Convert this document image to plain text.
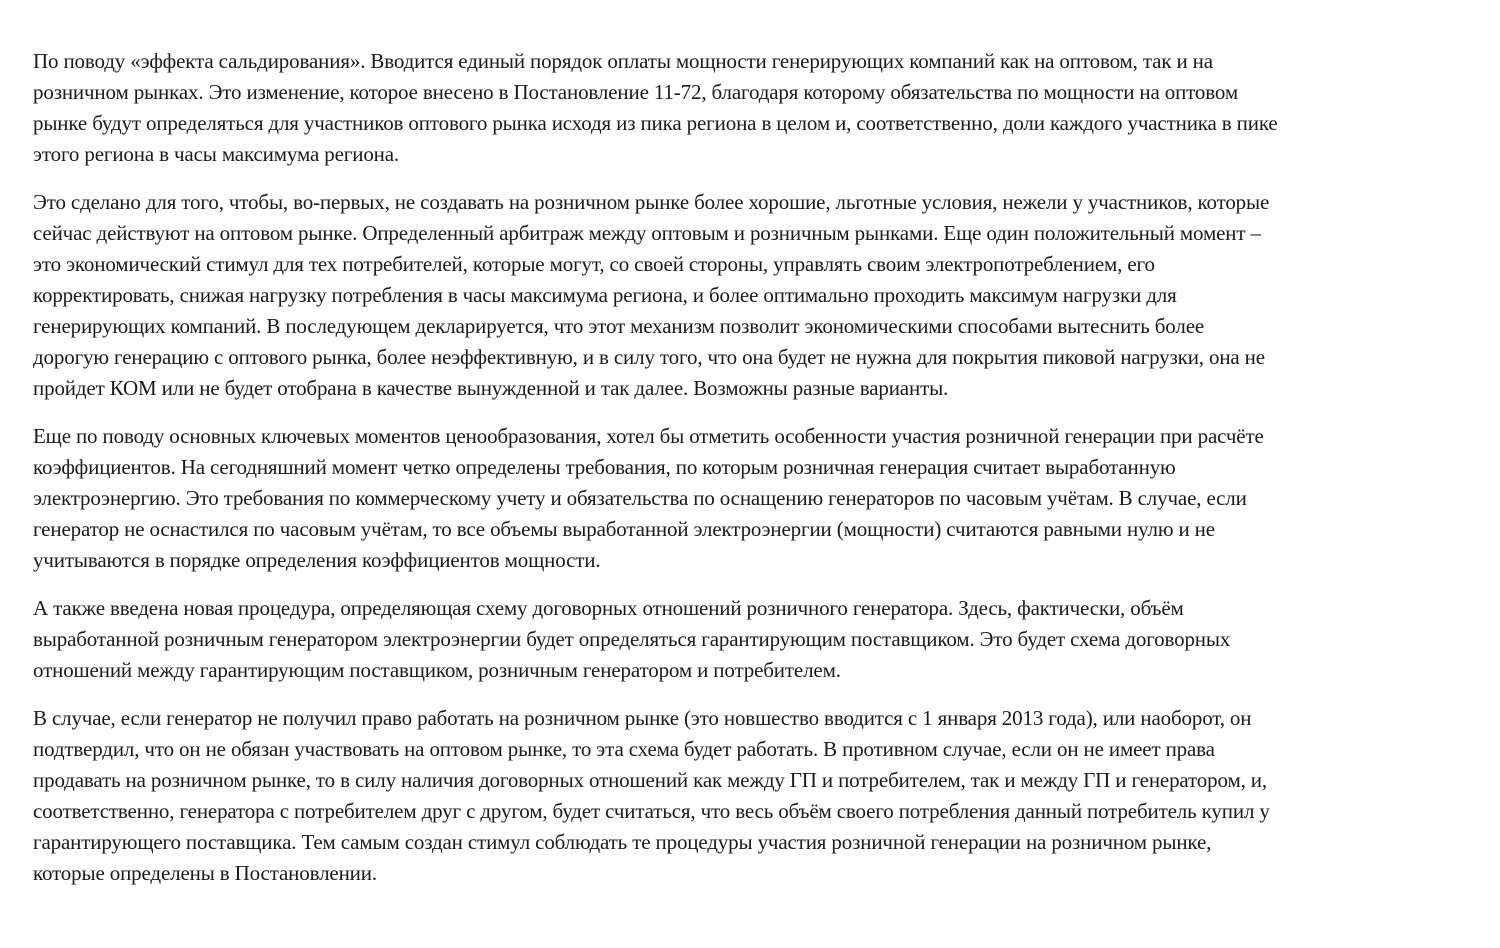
По поводу «эффекта сальдирования». Вводится единый порядок оплаты мощности генерирующих компаний как на оптовом, так и на
розничном рынках. Это изменение, которое внесено в Постановление 11-72, благодаря которому обязательства по мощности на оптовом
рынке будут определяться для участников оптового рынка исходя из пика региона в целом и, соответственно, доли каждого участника в пике
этого региона в часы максимума региона.

Это сделано для того, чтобы, во-первых, не создавать на розничном рынке более хорошие, льготные условия, нежели у участников, которые
сейчас действуют на оптовом рынке. Определенный арбитраж между оптовым и розничным рынками. Еще один положительный момент –
это экономический стимул для тех потребителей, которые могут, со своей стороны, управлять своим электропотреблением, его
корректировать, снижая нагрузку потребления в часы максимума региона, и более оптимально проходить максимум нагрузки для
генерирующих компаний. В последующем декларируется, что этот механизм позволит экономическими способами вытеснить более
дорогую генерацию с оптового рынка, более неэффективную, и в силу того, что она будет не нужна для покрытия пиковой нагрузки, она не
пройдет КОМ или не будет отобрана в качестве вынужденной и так далее. Возможны разные варианты.

Еще по поводу основных ключевых моментов ценообразования, хотел бы отметить особенности участия розничной генерации при расчёте
коэффициентов. На сегодняшний момент четко определены требования, по которым розничная генерация считает выработанную
электроэнергию. Это требования по коммерческому учету и обязательства по оснащению генераторов по часовым учётам. В случае, если
генератор не оснастился по часовым учётам, то все объемы выработанной электроэнергии (мощности) считаются равными нулю и не
учитываются в порядке определения коэффициентов мощности.

А также введена новая процедура, определяющая схему договорных отношений розничного генератора. Здесь, фактически, объём
выработанной розничным генератором электроэнергии будет определяться гарантирующим поставщиком. Это будет схема договорных
отношений между гарантирующим поставщиком, розничным генератором и потребителем.

В случае, если генератор не получил право работать на розничном рынке (это новшество вводится с 1 января 2013 года), или наоборот, он
подтвердил, что он не обязан участвовать на оптовом рынке, то эта схема будет работать. В противном случае, если он не имеет права
продавать на розничном рынке, то в силу наличия договорных отношений как между ГП и потребителем, так и между ГП и генератором, и,
соответственно, генератора с потребителем друг с другом, будет считаться, что весь объём своего потребления данный потребитель купил у
гарантирующего поставщика. Тем самым создан стимул соблюдать те процедуры участия розничной генерации на розничном рынке,
которые определены в Постановлении.
